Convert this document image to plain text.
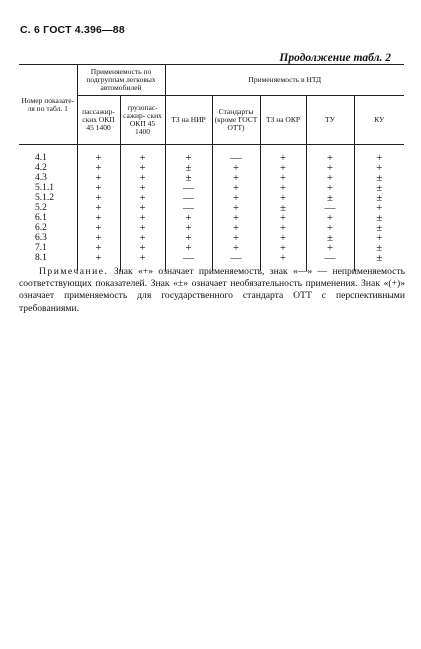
С. 6 ГОСТ 4.396—88
Продолжение табл. 2
Номер показате- ля по табл. 1	Применяемость по подгруппам легковых автомобилей		Применяемость в НТД				
	пассажир- ских ОКП 45 1400	грузопас- сажир- ских ОКП 45 1400	ТЗ на НИР	Стандарты (кроме ГОСТ ОТТ)	ТЗ на ОКР	ТУ	КУ

4.1	+	+	+	—	+	+	+
4.2	+	+	±	+	+	+	+
4.3	+	+	±	+	+	+	±
5.1.1	+	+	—	+	+	+	±
5.1.2	+	+	—	+	+	±	±
5.2	+	+	—	+	±	—	+
6.1	+	+	+	+	+	+	±
6.2	+	+	+	+	+	+	±
6.3	+	+	+	+	+	±	+
7.1	+	+	+	+	+	+	±
8.1	+	+	—	—	+	—	±

Примечание. Знак «+» означает применяемость, знак «—» — неприменяемость соответствующих показателей. Знак «±» означает необязательность применения. Знак «(+)» означает применяемость для государственного стандарта ОТТ с перспективными требованиями.
